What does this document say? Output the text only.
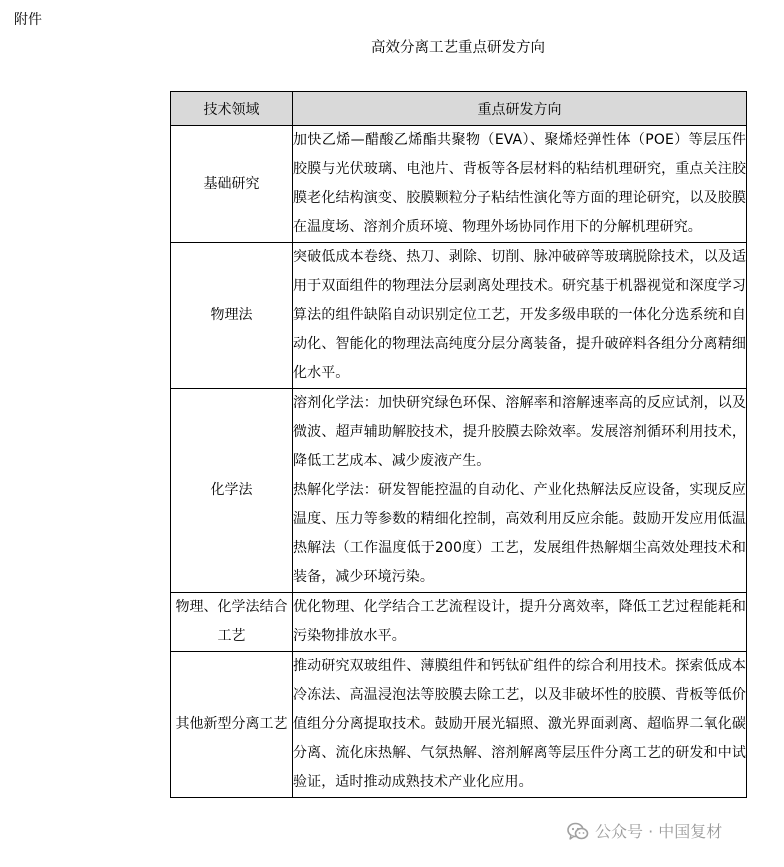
附件
高效分离工艺重点研发方向
技术领域	重点研发方向
基础研究	加快乙烯—醋酸乙烯酯共聚物（EVA）、聚烯烃弹性体（POE）等层压件胶膜与光伏玻璃、电池片、背板等各层材料的粘结机理研究，重点关注胶膜老化结构演变、胶膜颗粒分子粘结性演化等方面的理论研究，以及胶膜在温度场、溶剂介质环境、物理外场协同作用下的分解机理研究。

物理法	突破低成本卷绕、热刀、剥除、切削、脉冲破碎等玻璃脱除技术，以及适用于双面组件的物理法分层剥离处理技术。研究基于机器视觉和深度学习算法的组件缺陷自动识别定位工艺，开发多级串联的一体化分选系统和自动化、智能化的物理法高纯度分层分离装备，提升破碎料各组分分离精细化水平。

化学法	溶剂化学法：加快研究绿色环保、溶解率和溶解速率高的反应试剂，以及微波、超声辅助解胶技术，提升胶膜去除效率。发展溶剂循环利用技术，降低工艺成本、减少废液产生。

热解化学法：研发智能控温的自动化、产业化热解法反应设备，实现反应温度、压力等参数的精细化控制，高效利用反应余能。鼓励开发应用低温热解法（工作温度低于200度）工艺，发展组件热解烟尘高效处理技术和装备，减少环境污染。

物理、化学法结合工艺	优化物理、化学结合工艺流程设计，提升分离效率，降低工艺过程能耗和污染物排放水平。

其他新型分离工艺	推动研究双玻组件、薄膜组件和钙钛矿组件的综合利用技术。探索低成本冷冻法、高温浸泡法等胶膜去除工艺，以及非破坏性的胶膜、背板等低价值组分分离提取技术。鼓励开展光辐照、激光界面剥离、超临界二氧化碳分离、流化床热解、气氛热解、溶剂解离等层压件分离工艺的研发和中试验证，适时推动成熟技术产业化应用。

公众号 · 中国复材
